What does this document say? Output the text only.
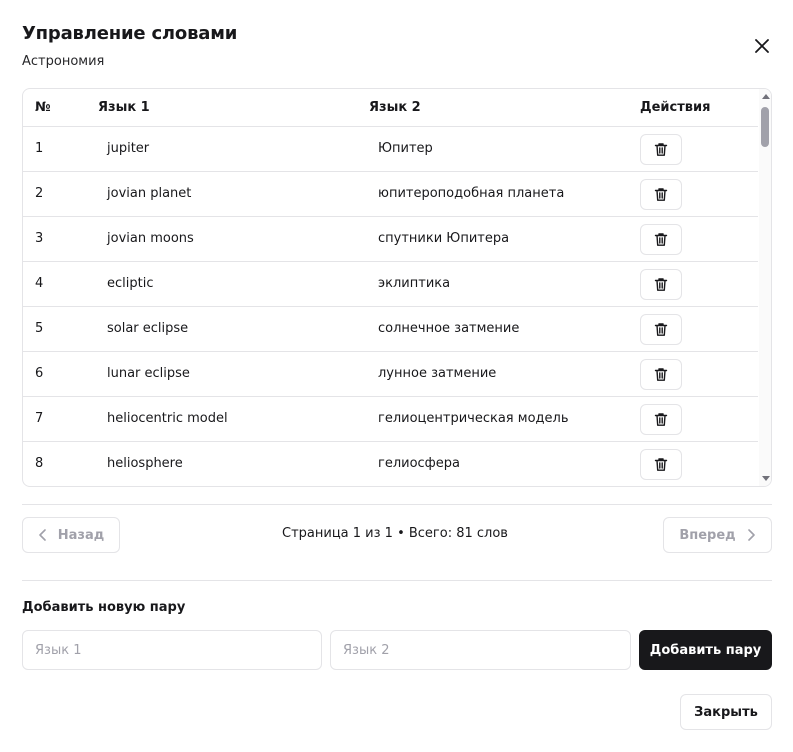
Управление словами
Астрономия
№	Язык 1	Язык 2	Действия
1	jupiter	Юпитер
2	jovian planet	юпитероподобная планета
3	jovian moons	спутники Юпитера
4	ecliptic	эклиптика
5	solar eclipse	солнечное затмение
6	lunar eclipse	лунное затмение
7	heliocentric model	гелиоцентрическая модель
8	heliosphere	гелиосфера
Назад	Страница 1 из 1 • Всего: 81 слов	Вперед
Добавить новую пару
Язык 1
Язык 2
Добавить пару
Закрыть
